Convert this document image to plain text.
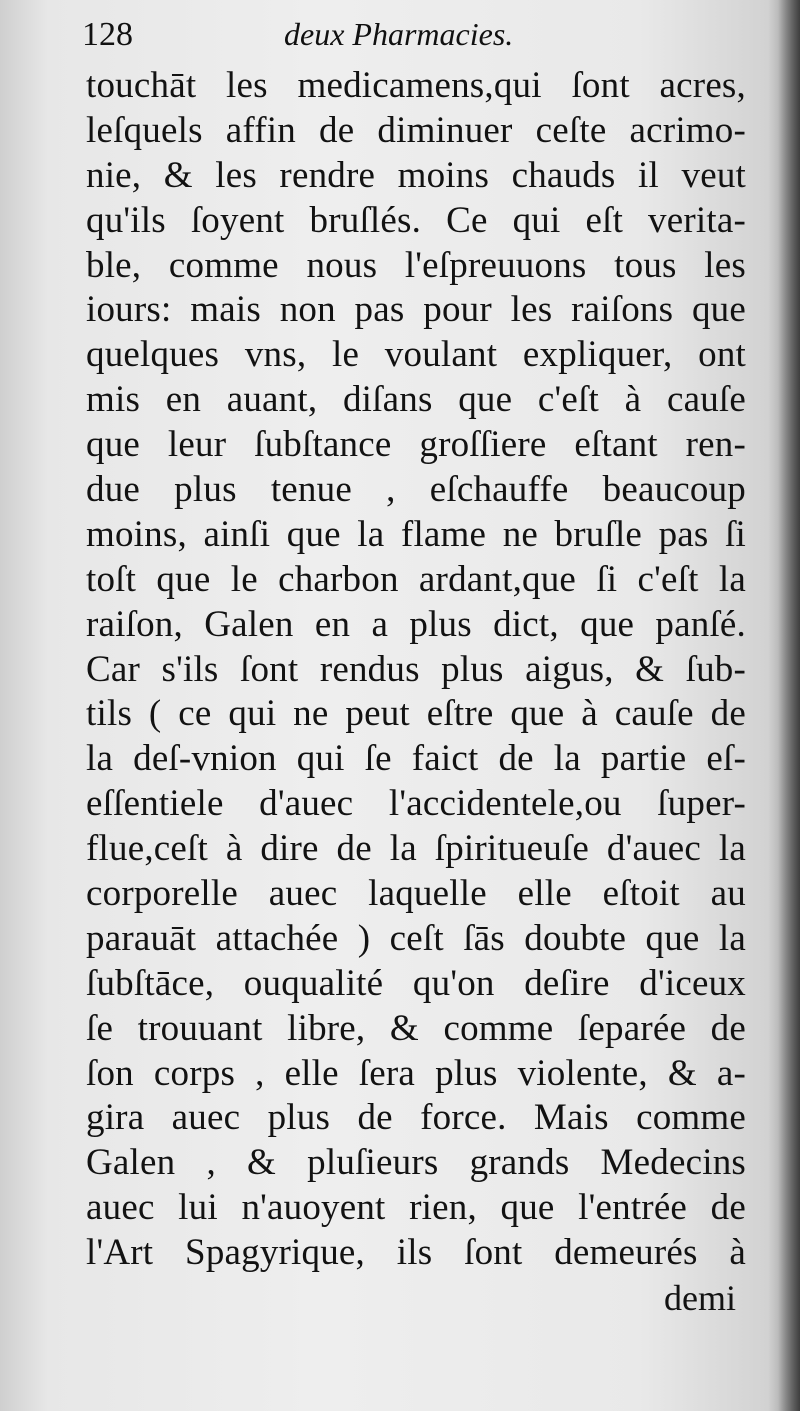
128	deux Pharmacies.
touchāt les medicamens,qui ſont acres,
leſquels affin de diminuer ceſte acrimo-
nie, & les rendre moins chauds il veut
qu'ils ſoyent bruſlés. Ce qui eſt verita-
ble, comme nous l'eſpreuuons tous les
iours: mais non pas pour les raiſons que
quelques vns, le voulant expliquer, ont
mis en auant, diſans que c'eſt à cauſe
que leur ſubſtance groſſiere eſtant ren-
due plus tenue , eſchauffe beaucoup
moins, ainſi que la flame ne bruſle pas ſi
toſt que le charbon ardant,que ſi c'eſt la
raiſon, Galen en a plus dict, que panſé.
Car s'ils ſont rendus plus aigus, & ſub-
tils ( ce qui ne peut eſtre que à cauſe de
la deſ-vnion qui ſe faict de la partie eſ-
eſſentiele d'auec l'accidentele,ou ſuper-
flue,ceſt à dire de la ſpiritueuſe d'auec la
corporelle auec laquelle elle eſtoit au
parauāt attachée ) ceſt ſās doubte que la
ſubſtāce, ouqualité qu'on deſire d'iceux
ſe trouuant libre, & comme ſeparée de
ſon corps , elle ſera plus violente, & a-
gira auec plus de force. Mais comme
Galen , & pluſieurs grands Medecins
auec lui n'auoyent rien, que l'entrée de
l'Art Spagyrique, ils ſont demeurés à
demi
